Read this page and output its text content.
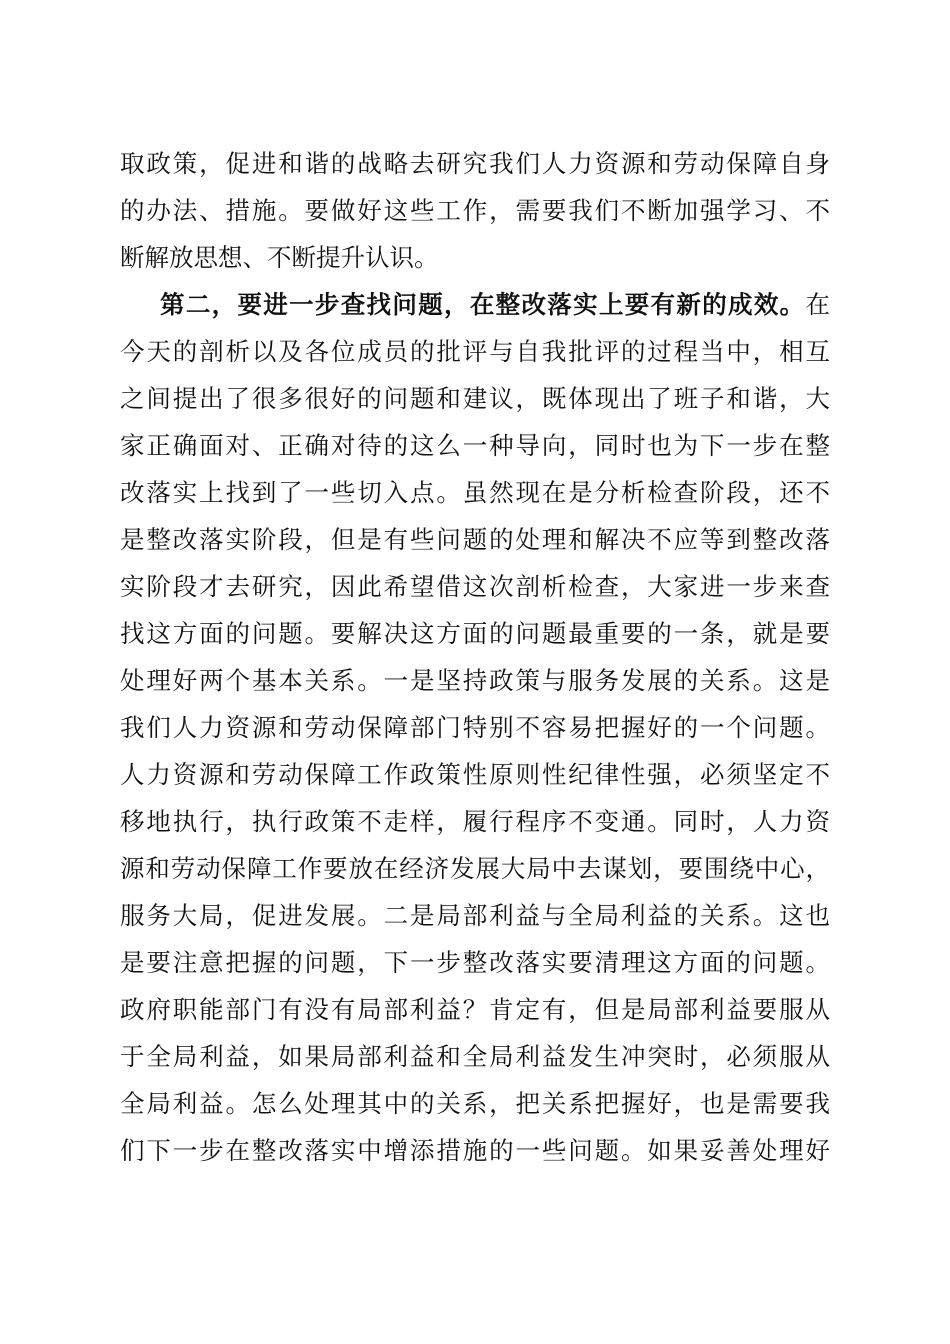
取政策，促进和谐的战略去研究我们人力资源和劳动保障自身
的办法、措施。要做好这些工作，需要我们不断加强学习、不
断解放思想、不断提升认识。
第二，要进一步查找问题，在整改落实上要有新的成效。在
今天的剖析以及各位成员的批评与自我批评的过程当中，相互
之间提出了很多很好的问题和建议，既体现出了班子和谐，大
家正确面对、正确对待的这么一种导向，同时也为下一步在整
改落实上找到了一些切入点。虽然现在是分析检查阶段，还不
是整改落实阶段，但是有些问题的处理和解决不应等到整改落
实阶段才去研究，因此希望借这次剖析检查，大家进一步来查
找这方面的问题。要解决这方面的问题最重要的一条，就是要
处理好两个基本关系。一是坚持政策与服务发展的关系。这是
我们人力资源和劳动保障部门特别不容易把握好的一个问题。
人力资源和劳动保障工作政策性原则性纪律性强，必须坚定不
移地执行，执行政策不走样，履行程序不变通。同时，人力资
源和劳动保障工作要放在经济发展大局中去谋划，要围绕中心，
服务大局，促进发展。二是局部利益与全局利益的关系。这也
是要注意把握的问题，下一步整改落实要清理这方面的问题。
政府职能部门有没有局部利益？肯定有，但是局部利益要服从
于全局利益，如果局部利益和全局利益发生冲突时，必须服从
全局利益。怎么处理其中的关系，把关系把握好，也是需要我
们下一步在整改落实中增添措施的一些问题。如果妥善处理好
